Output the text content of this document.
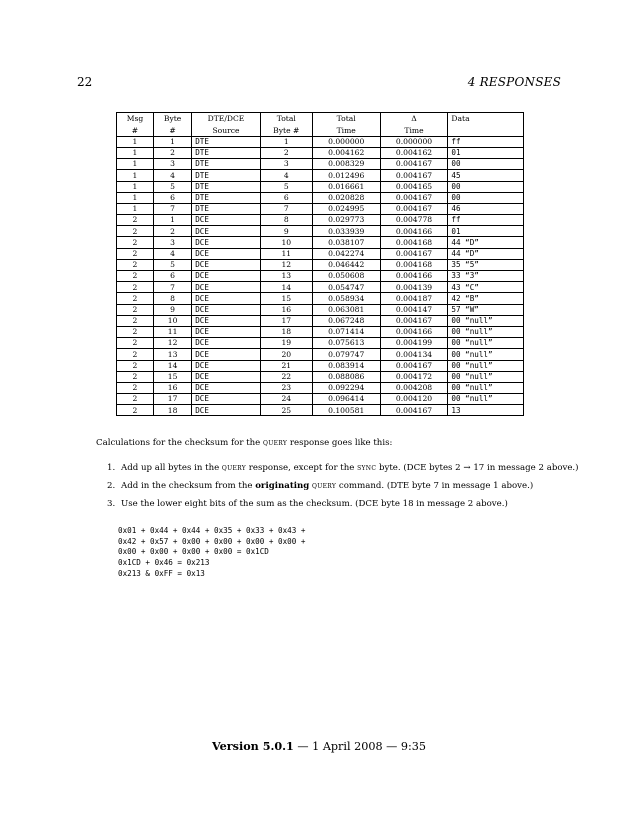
22	4 RESPONSES
Msg	Byte	DTE/DCE	Total	Total	Δ	Data
#	#	Source	Byte #	Time	Time	
1	1	DTE	1	0.000000	0.000000	ff
1	2	DTE	2	0.004162	0.004162	01
1	3	DTE	3	0.008329	0.004167	00
1	4	DTE	4	0.012496	0.004167	45
1	5	DTE	5	0.016661	0.004165	00
1	6	DTE	6	0.020828	0.004167	00
1	7	DTE	7	0.024995	0.004167	46
2	1	DCE	8	0.029773	0.004778	ff
2	2	DCE	9	0.033939	0.004166	01
2	3	DCE	10	0.038107	0.004168	44 “D”
2	4	DCE	11	0.042274	0.004167	44 “D”
2	5	DCE	12	0.046442	0.004168	35 “5”
2	6	DCE	13	0.050608	0.004166	33 “3”
2	7	DCE	14	0.054747	0.004139	43 “C”
2	8	DCE	15	0.058934	0.004187	42 “B”
2	9	DCE	16	0.063081	0.004147	57 “W”
2	10	DCE	17	0.067248	0.004167	00 “null”
2	11	DCE	18	0.071414	0.004166	00 “null”
2	12	DCE	19	0.075613	0.004199	00 “null”
2	13	DCE	20	0.079747	0.004134	00 “null”
2	14	DCE	21	0.083914	0.004167	00 “null”
2	15	DCE	22	0.088086	0.004172	00 “null”
2	16	DCE	23	0.092294	0.004208	00 “null”
2	17	DCE	24	0.096414	0.004120	00 “null”
2	18	DCE	25	0.100581	0.004167	13
Calculations for the checksum for the query response goes like this:
1. Add up all bytes in the query response, except for the sync byte. (DCE bytes 2 → 17 in message 2 above.)
2. Add in the checksum from the originating query command. (DTE byte 7 in message 1 above.)
3. Use the lower eight bits of the sum as the checksum. (DCE byte 18 in message 2 above.)

0x01 + 0x44 + 0x44 + 0x35 + 0x33 + 0x43 +
0x42 + 0x57 + 0x00 + 0x00 + 0x00 + 0x00 +
0x00 + 0x00 + 0x00 + 0x00 = 0x1CD
0x1CD + 0x46 = 0x213
0x213 & 0xFF = 0x13

Version 5.0.1 — 1 April 2008 — 9:35
